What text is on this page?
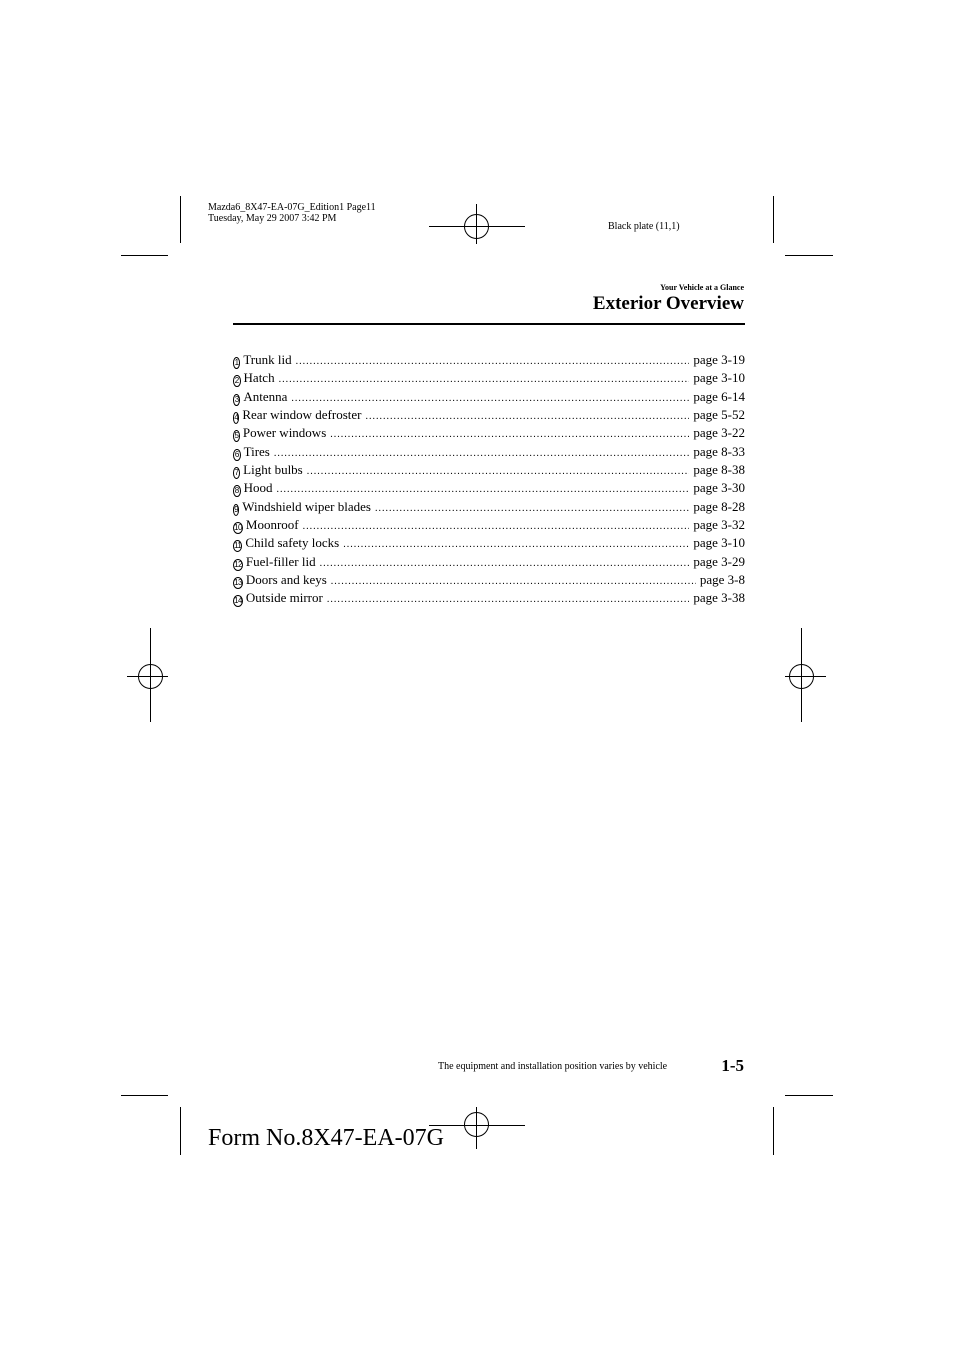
Mazda6_8X47-EA-07G_Edition1 Page11
Tuesday, May 29 2007 3:42 PM
Black plate (11,1)
Your Vehicle at a Glance
Exterior Overview
1 Trunk lid .....	page 3-19
2 Hatch .....	page 3-10
3 Antenna .....	page 6-14
4 Rear window defroster .....	page 5-52
5 Power windows .....	page 3-22
6 Tires .....	page 8-33
7 Light bulbs .....	page 8-38
8 Hood .....	page 3-30
9 Windshield wiper blades .....	page 8-28
10 Moonroof .....	page 3-32
11 Child safety locks .....	page 3-10
12 Fuel-filler lid .....	page 3-29
13 Doors and keys .....	page 3-8
14 Outside mirror .....	page 3-38
The equipment and installation position varies by vehicle	1-5
Form No.8X47-EA-07G
